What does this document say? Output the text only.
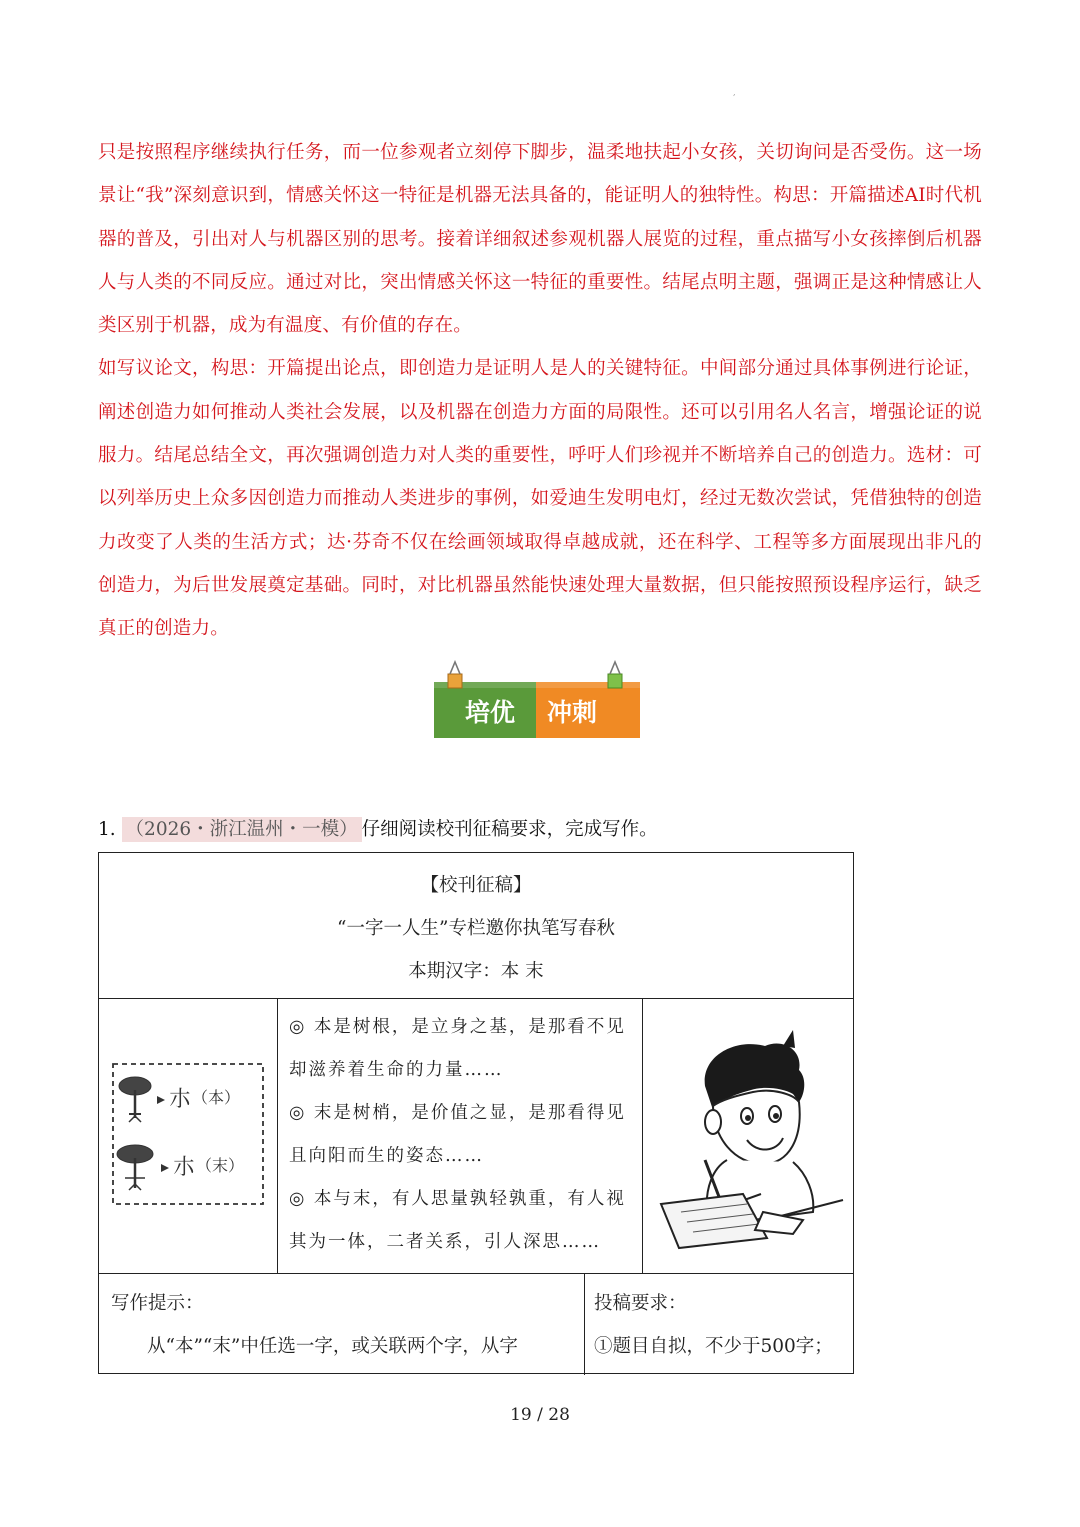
,

只是按照程序继续执行任务，而一位参观者立刻停下脚步，温柔地扶起小女孩，关切询问是否受伤。这一场景让“我”深刻意识到，情感关怀这一特征是机器无法具备的，能证明人的独特性。构思：开篇描述AI时代机器的普及，引出对人与机器区别的思考。接着详细叙述参观机器人展览的过程，重点描写小女孩摔倒后机器人与人类的不同反应。通过对比，突出情感关怀这一特征的重要性。结尾点明主题，强调正是这种情感让人类区别于机器，成为有温度、有价值的存在。

如写议论文，构思：开篇提出论点，即创造力是证明人是人的关键特征。中间部分通过具体事例进行论证，阐述创造力如何推动人类社会发展，以及机器在创造力方面的局限性。还可以引用名人名言，增强论证的说服力。结尾总结全文，再次强调创造力对人类的重要性，呼吁人们珍视并不断培养自己的创造力。选材：可以列举历史上众多因创造力而推动人类进步的事例，如爱迪生发明电灯，经过无数次尝试，凭借独特的创造力改变了人类的生活方式；达·芬奇不仅在绘画领域取得卓越成就，还在科学、工程等多方面展现出非凡的创造力，为后世发展奠定基础。同时，对比机器虽然能快速处理大量数据，但只能按照预设程序运行，缺乏真正的创造力。

培优 冲刺
1. （2026・浙江温州・一模） 仔细阅读校刊征稿要求，完成写作。
【校刊征稿】
“一字一人生”专栏邀你执笔写春秋
本期汉字：本 末
朩 （本）
朩 （末）

◎ 本是树根，是立身之基，是那看不见

却滋养着生命的力量……

◎ 末是树梢，是价值之显，是那看得见

且向阳而生的姿态……

◎ 本与末，有人思量孰轻孰重，有人视

其为一体，二者关系，引人深思……

写作提示：
从“本”“末”中任选一字，或关联两个字，从字
投稿要求：
①题目自拟，不少于500字；
19 / 28
